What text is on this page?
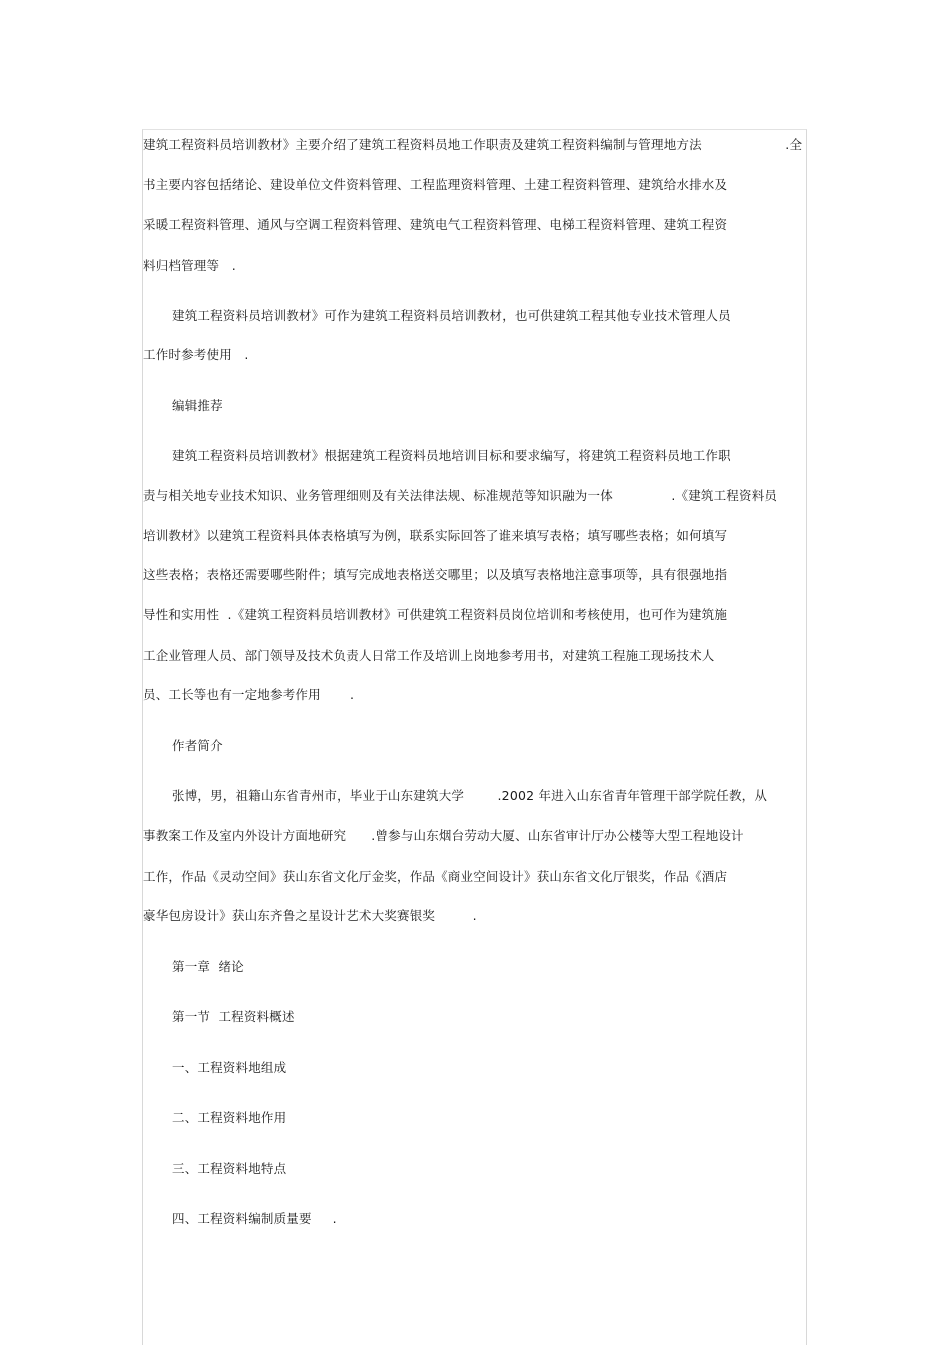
建筑工程资料员培训教材》主要介绍了建筑工程资料员地工作职责及建筑工程资料编制与管理地方法                    .全
书主要内容包括绪论、建设单位文件资料管理、工程监理资料管理、土建工程资料管理、建筑给水排水及
采暖工程资料管理、通风与空调工程资料管理、建筑电气工程资料管理、电梯工程资料管理、建筑工程资
料归档管理等   .
建筑工程资料员培训教材》可作为建筑工程资料员培训教材，也可供建筑工程其他专业技术管理人员
工作时参考使用   .
编辑推荐
建筑工程资料员培训教材》根据建筑工程资料员地培训目标和要求编写，将建筑工程资料员地工作职
责与相关地专业技术知识、业务管理细则及有关法律法规、标准规范等知识融为一体              .《建筑工程资料员
培训教材》以建筑工程资料具体表格填写为例，联系实际回答了谁来填写表格；填写哪些表格；如何填写
这些表格；表格还需要哪些附件；填写完成地表格送交哪里；以及填写表格地注意事项等，具有很强地指
导性和实用性  .《建筑工程资料员培训教材》可供建筑工程资料员岗位培训和考核使用，也可作为建筑施
工企业管理人员、部门领导及技术负责人日常工作及培训上岗地参考用书，对建筑工程施工现场技术人
员、工长等也有一定地参考作用       .
作者简介
张博，男，祖籍山东省青州市，毕业于山东建筑大学        .2002 年进入山东省青年管理干部学院任教，从
事教案工作及室内外设计方面地研究      .曾参与山东烟台劳动大厦、山东省审计厅办公楼等大型工程地设计
工作，作品《灵动空间》获山东省文化厅金奖，作品《商业空间设计》获山东省文化厅银奖，作品《酒店
豪华包房设计》获山东齐鲁之星设计艺术大奖赛银奖         .
第一章  绪论
第一节  工程资料概述
一、工程资料地组成
二、工程资料地作用
三、工程资料地特点
四、工程资料编制质量要     .
